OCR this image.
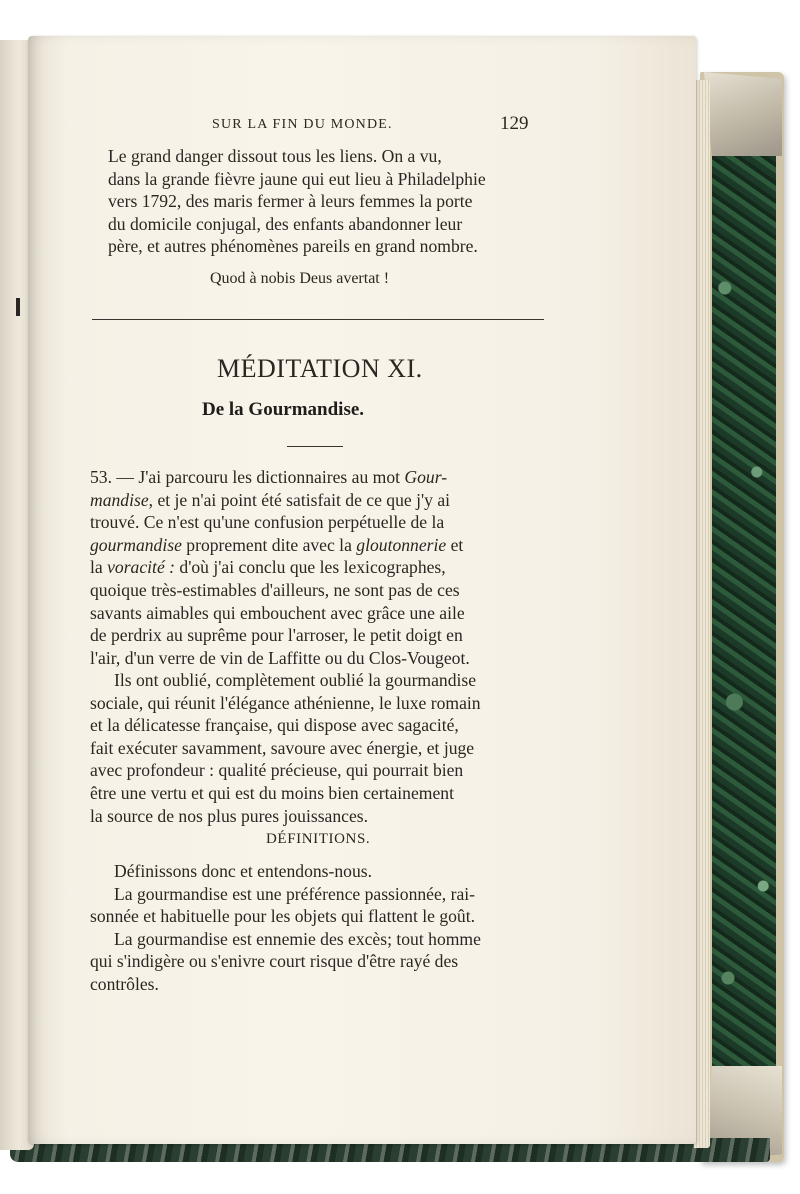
SUR LA FIN DU MONDE.	129
Le grand danger dissout tous les liens. On a vu,
dans la grande fièvre jaune qui eut lieu à Philadelphie
vers 1792, des maris fermer à leurs femmes la porte
du domicile conjugal, des enfants abandonner leur
père, et autres phénomènes pareils en grand nombre.
Quod à nobis Deus avertat !
MÉDITATION XI.
De la Gourmandise.
53. — J'ai parcouru les dictionnaires au mot Gour-
mandise, et je n'ai point été satisfait de ce que j'y ai
trouvé. Ce n'est qu'une confusion perpétuelle de la
gourmandise proprement dite avec la gloutonnerie et
la voracité : d'où j'ai conclu que les lexicographes,
quoique très-estimables d'ailleurs, ne sont pas de ces
savants aimables qui embouchent avec grâce une aile
de perdrix au suprême pour l'arroser, le petit doigt en
l'air, d'un verre de vin de Laffitte ou du Clos-Vougeot.
Ils ont oublié, complètement oublié la gourmandise
sociale, qui réunit l'élégance athénienne, le luxe romain
et la délicatesse française, qui dispose avec sagacité,
fait exécuter savamment, savoure avec énergie, et juge
avec profondeur : qualité précieuse, qui pourrait bien
être une vertu et qui est du moins bien certainement
la source de nos plus pures jouissances.
DÉFINITIONS.
Définissons donc et entendons-nous.
La gourmandise est une préférence passionnée, rai-
sonnée et habituelle pour les objets qui flattent le goût.
La gourmandise est ennemie des excès; tout homme
qui s'indigère ou s'enivre court risque d'être rayé des
contrôles.
